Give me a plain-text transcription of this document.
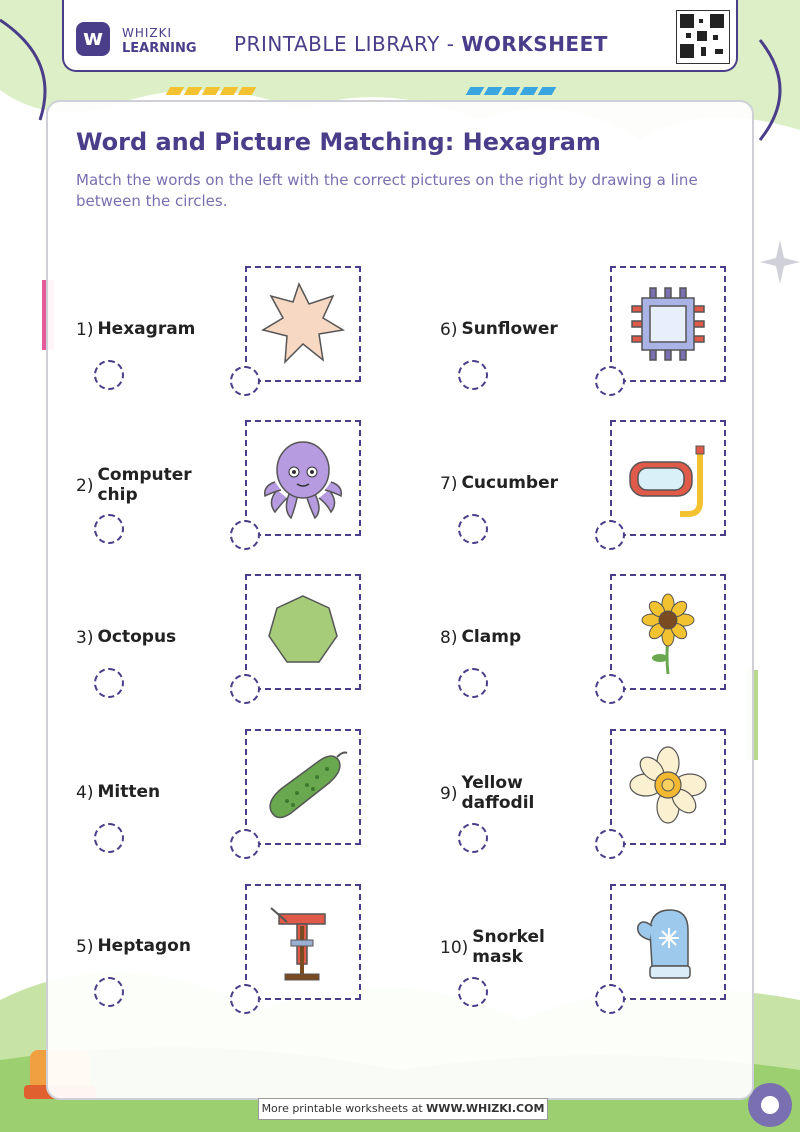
w	WHIZKI
LEARNING PRINTABLE LIBRARY - WORKSHEET
Word and Picture Matching: Hexagram

Match the words on the left with the correct pictures on the right by drawing a line between the circles.

1) Hexagram	6) Sunflower
2)
Computer chip
7) Cucumber
3) Octopus	8) Clamp
4) Mitten	9)
Yellow daffodil
5) Heptagon	10)
Snorkel mask
More printable worksheets at WWW.WHIZKI.COM
